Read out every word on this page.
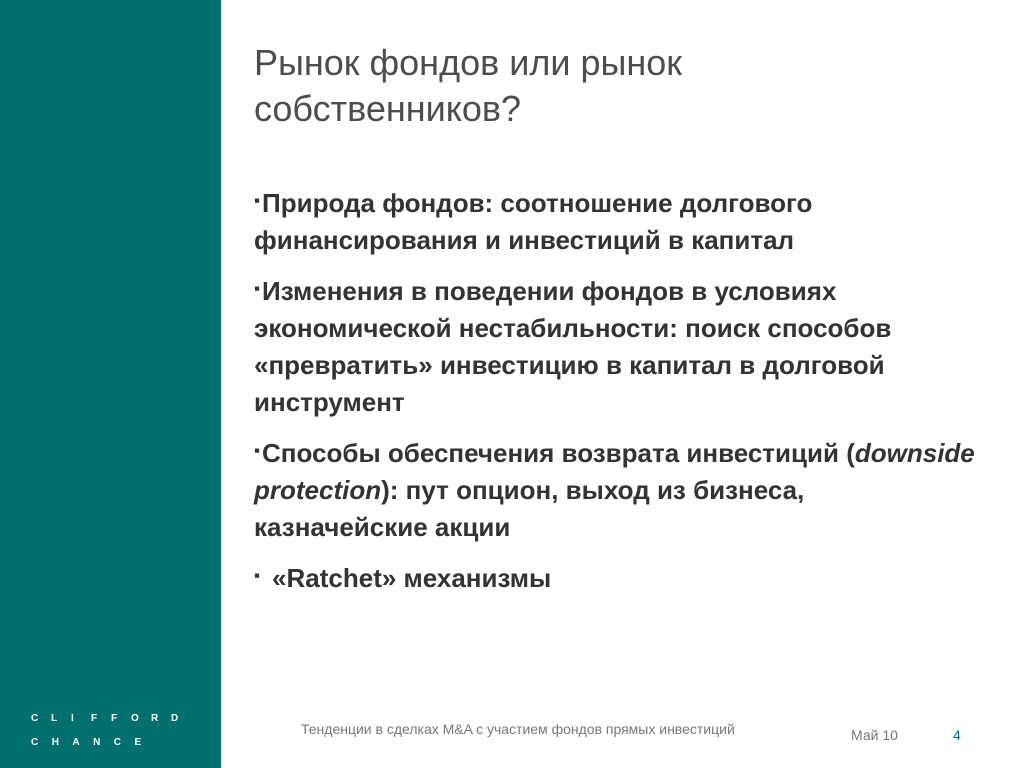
C	L	I	F	F	O	R	D
C	H	A	N	C	E
Рынок фондов или рынок собственников?
▪Природа фондов: соотношение долгового финансирования и инвестиций в капитал
▪Изменения в поведении фондов в условиях экономической нестабильности: поиск способов «превратить» инвестицию в капитал в долговой инструмент
▪Способы обеспечения возврата инвестиций (downside protection): пут опцион, выход из бизнеса, казначейские акции
▪ «Ratchet» механизмы
Тенденции в сделках M&A с участием фондов прямых инвестиций	Май 10	4
